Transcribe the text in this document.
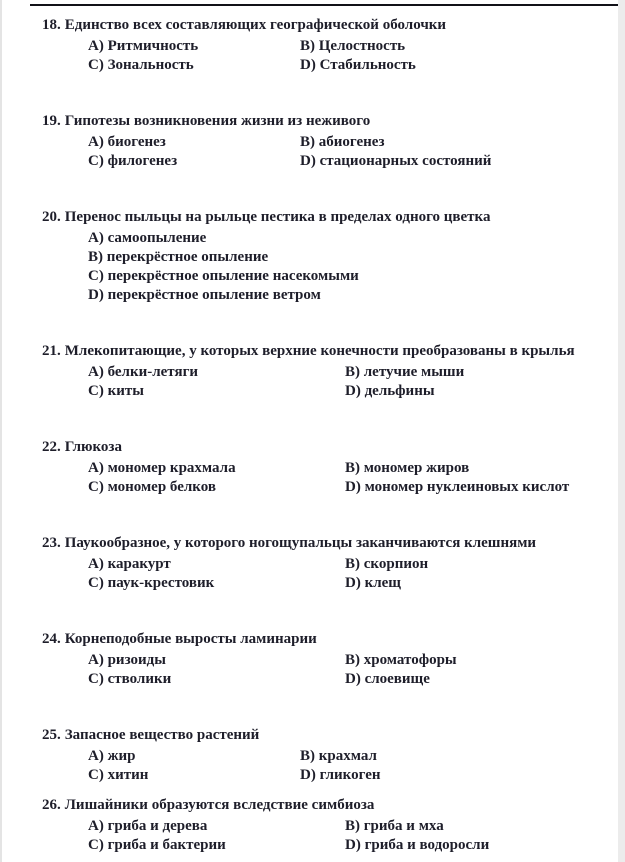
18. Единство всех составляющих географической оболочки

А) Ритмичность	В) Целостность
С) Зональность	D) Стабильность

19. Гипотезы возникновения жизни из неживого

А) биогенез	В) абиогенез
С) филогенез	D) стационарных состояний

20. Перенос пыльцы на рыльце пестика в пределах одного цветка

А) самоопыление
В) перекрёстное опыление
С) перекрёстное опыление насекомыми
D) перекрёстное опыление ветром

21. Млекопитающие, у которых верхние конечности преобразованы в крылья

А) белки-летяги	В) летучие мыши
С) киты	D) дельфины

22. Глюкоза

А) мономер крахмала	В) мономер жиров
С) мономер белков	D) мономер нуклеиновых кислот

23. Паукообразное, у которого ногощупальцы заканчиваются клешнями

А) каракурт	В) скорпион
С) паук-крестовик	D) клещ

24. Корнеподобные выросты ламинарии

А) ризоиды	В) хроматофоры
С) стволики	D) слоевище

25. Запасное вещество растений

А) жир	В) крахмал
С) хитин	D) гликоген

26. Лишайники образуются вследствие симбиоза

А) гриба и дерева	В) гриба и мха
С) гриба и бактерии	D) гриба и водоросли
